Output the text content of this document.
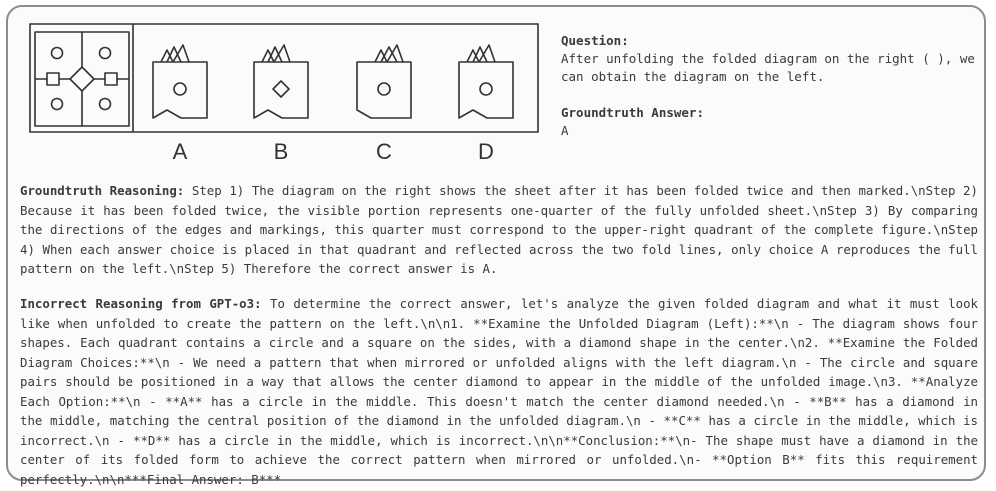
A	B	C	D
Question:
After unfolding the folded diagram on the right ( ), we can obtain the diagram on the left.
Groundtruth Answer:
A
Groundtruth Reasoning: Step 1) The diagram on the right shows the sheet after it has been folded twice and then marked.\nStep 2) Because it has been folded twice, the visible portion represents one-quarter of the fully unfolded sheet.\nStep 3) By comparing the directions of the edges and markings, this quarter must correspond to the upper-right quadrant of the complete figure.\nStep 4) When each answer choice is placed in that quadrant and reflected across the two fold lines, only choice A reproduces the full pattern on the left.\nStep 5) Therefore the correct answer is A.
Incorrect Reasoning from GPT-o3: To determine the correct answer, let's analyze the given folded diagram and what it must look like when unfolded to create the pattern on the left.\n\n1. **Examine the Unfolded Diagram (Left):**\n - The diagram shows four shapes. Each quadrant contains a circle and a square on the sides, with a diamond shape in the center.\n2. **Examine the Folded Diagram Choices:**\n - We need a pattern that when mirrored or unfolded aligns with the left diagram.\n - The circle and square pairs should be positioned in a way that allows the center diamond to appear in the middle of the unfolded image.\n3. **Analyze Each Option:**\n - **A** has a circle in the middle. This doesn't match the center diamond needed.\n - **B** has a diamond in the middle, matching the central position of the diamond in the unfolded diagram.\n - **C** has a circle in the middle, which is incorrect.\n - **D** has a circle in the middle, which is incorrect.\n\n**Conclusion:**\n- The shape must have a diamond in the center of its folded form to achieve the correct pattern when mirrored or unfolded.\n- **Option B** fits this requirement perfectly.\n\n***Final Answer: B***
